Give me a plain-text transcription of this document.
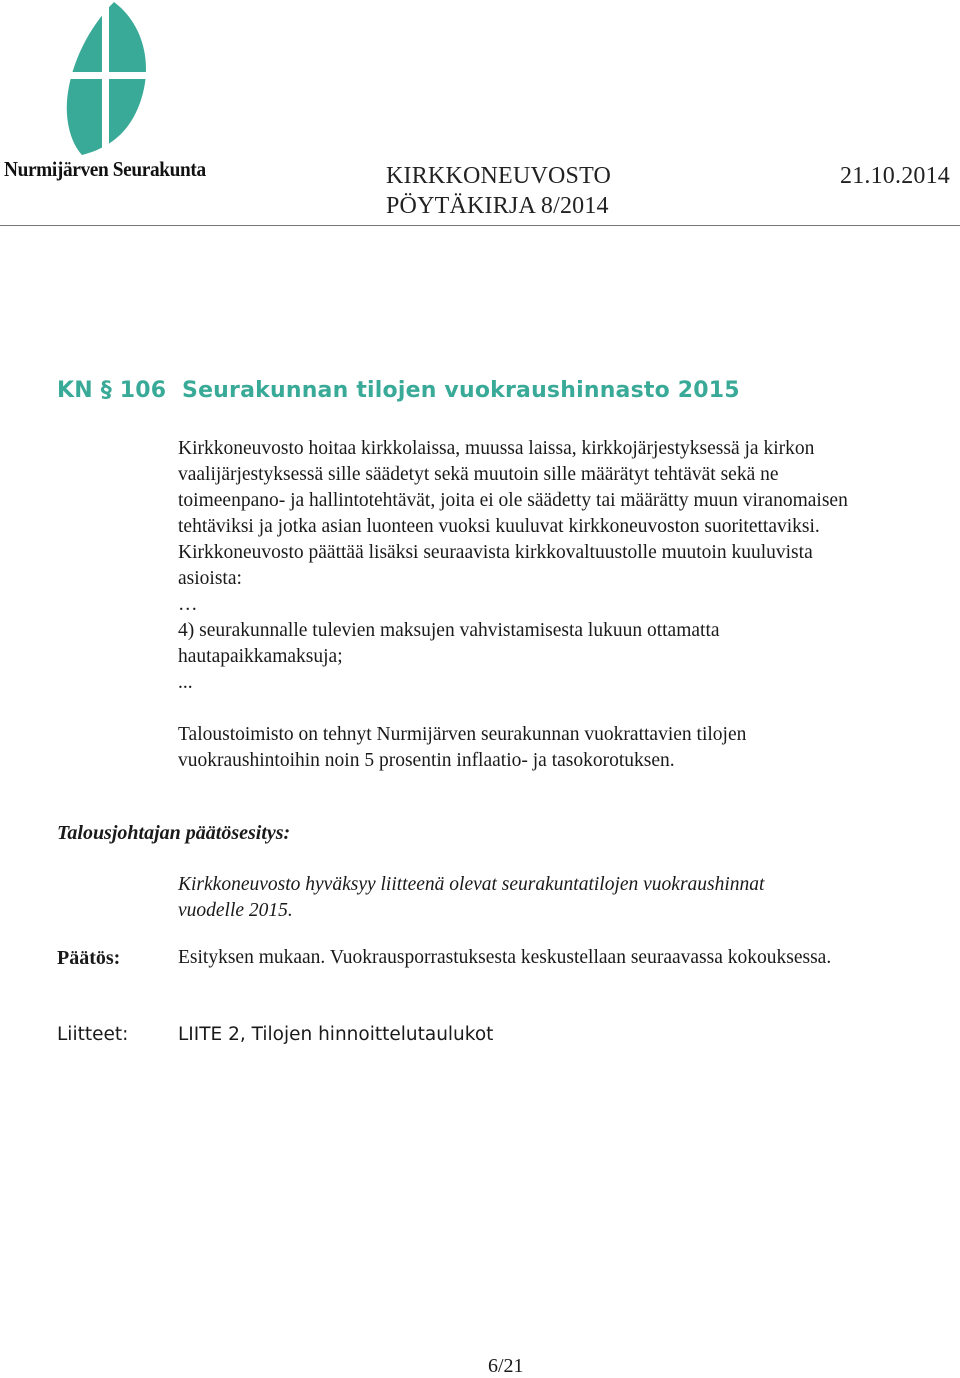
Nurmijärven Seurakunta	KIRKKONEUVOSTO	21.10.2014
PÖYTÄKIRJA 8/2014
KN § 106  Seurakunnan tilojen vuokraushinnasto 2015

Kirkkoneuvosto hoitaa kirkkolaissa, muussa laissa, kirkkojärjestyksessä ja kirkon

vaalijärjestyksessä sille säädetyt sekä muutoin sille määrätyt tehtävät sekä ne

toimeenpano- ja hallintotehtävät, joita ei ole säädetty tai määrätty muun viranomaisen

tehtäviksi ja jotka asian luonteen vuoksi kuuluvat kirkkoneuvoston suoritettaviksi.

Kirkkoneuvosto päättää lisäksi seuraavista kirkkovaltuustolle muutoin kuuluvista

asioista:

…

4) seurakunnalle tulevien maksujen vahvistamisesta lukuun ottamatta

hautapaikkamaksuja;

...

Taloustoimisto on tehnyt Nurmijärven seurakunnan vuokrattavien tilojen

vuokraushintoihin noin 5 prosentin inflaatio- ja tasokorotuksen.

Talousjohtajan päätösesitys:
Kirkkoneuvosto hyväksyy liitteenä olevat seurakuntatilojen vuokraushinnat
vuodelle 2015.
Päätös:	Esityksen mukaan. Vuokrausporrastuksesta keskustellaan seuraavassa kokouksessa.
Liitteet:	LIITE 2, Tilojen hinnoittelutaulukot
6/21
